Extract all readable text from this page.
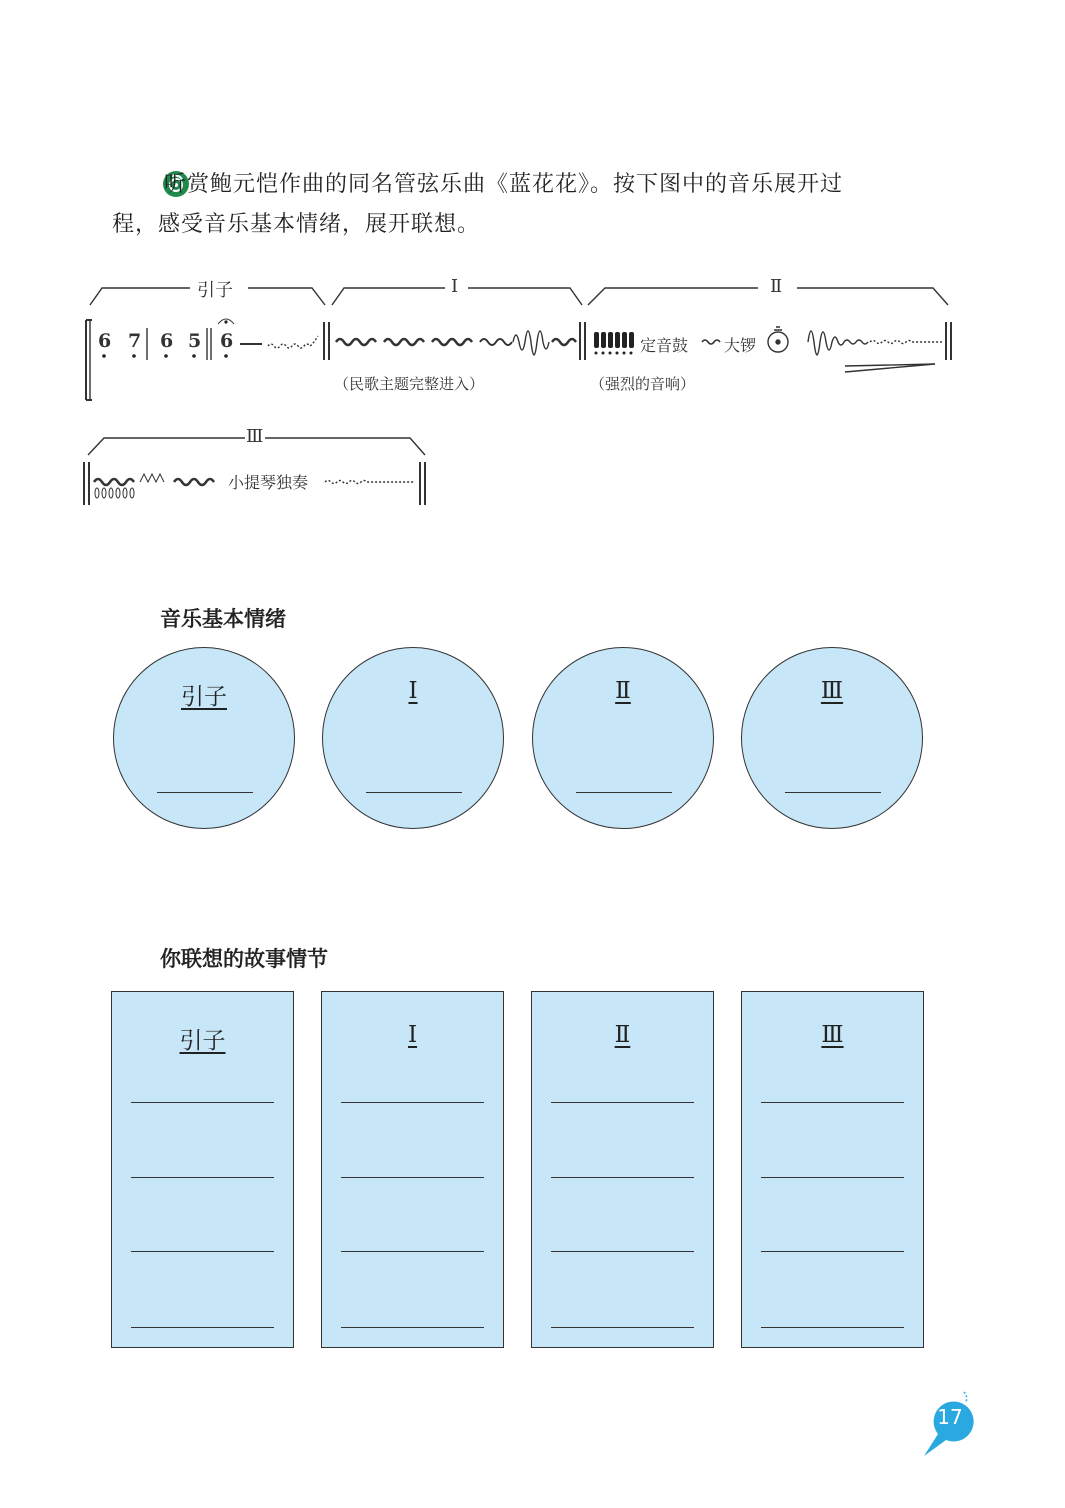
听赏鲍元恺作曲的同名管弦乐曲《蓝花花》。按下图中的音乐展开过
程，感受音乐基本情绪，展开联想。
引子	Ⅰ	Ⅱ
Ⅲ
6 7 6 5 6	定音鼓 大锣
小提琴独奏
（民歌主题完整进入）	（强烈的音响）
音乐基本情绪
引子	Ⅰ	Ⅱ	Ⅲ
你联想的故事情节
引子	Ⅰ	Ⅱ	Ⅲ
17
